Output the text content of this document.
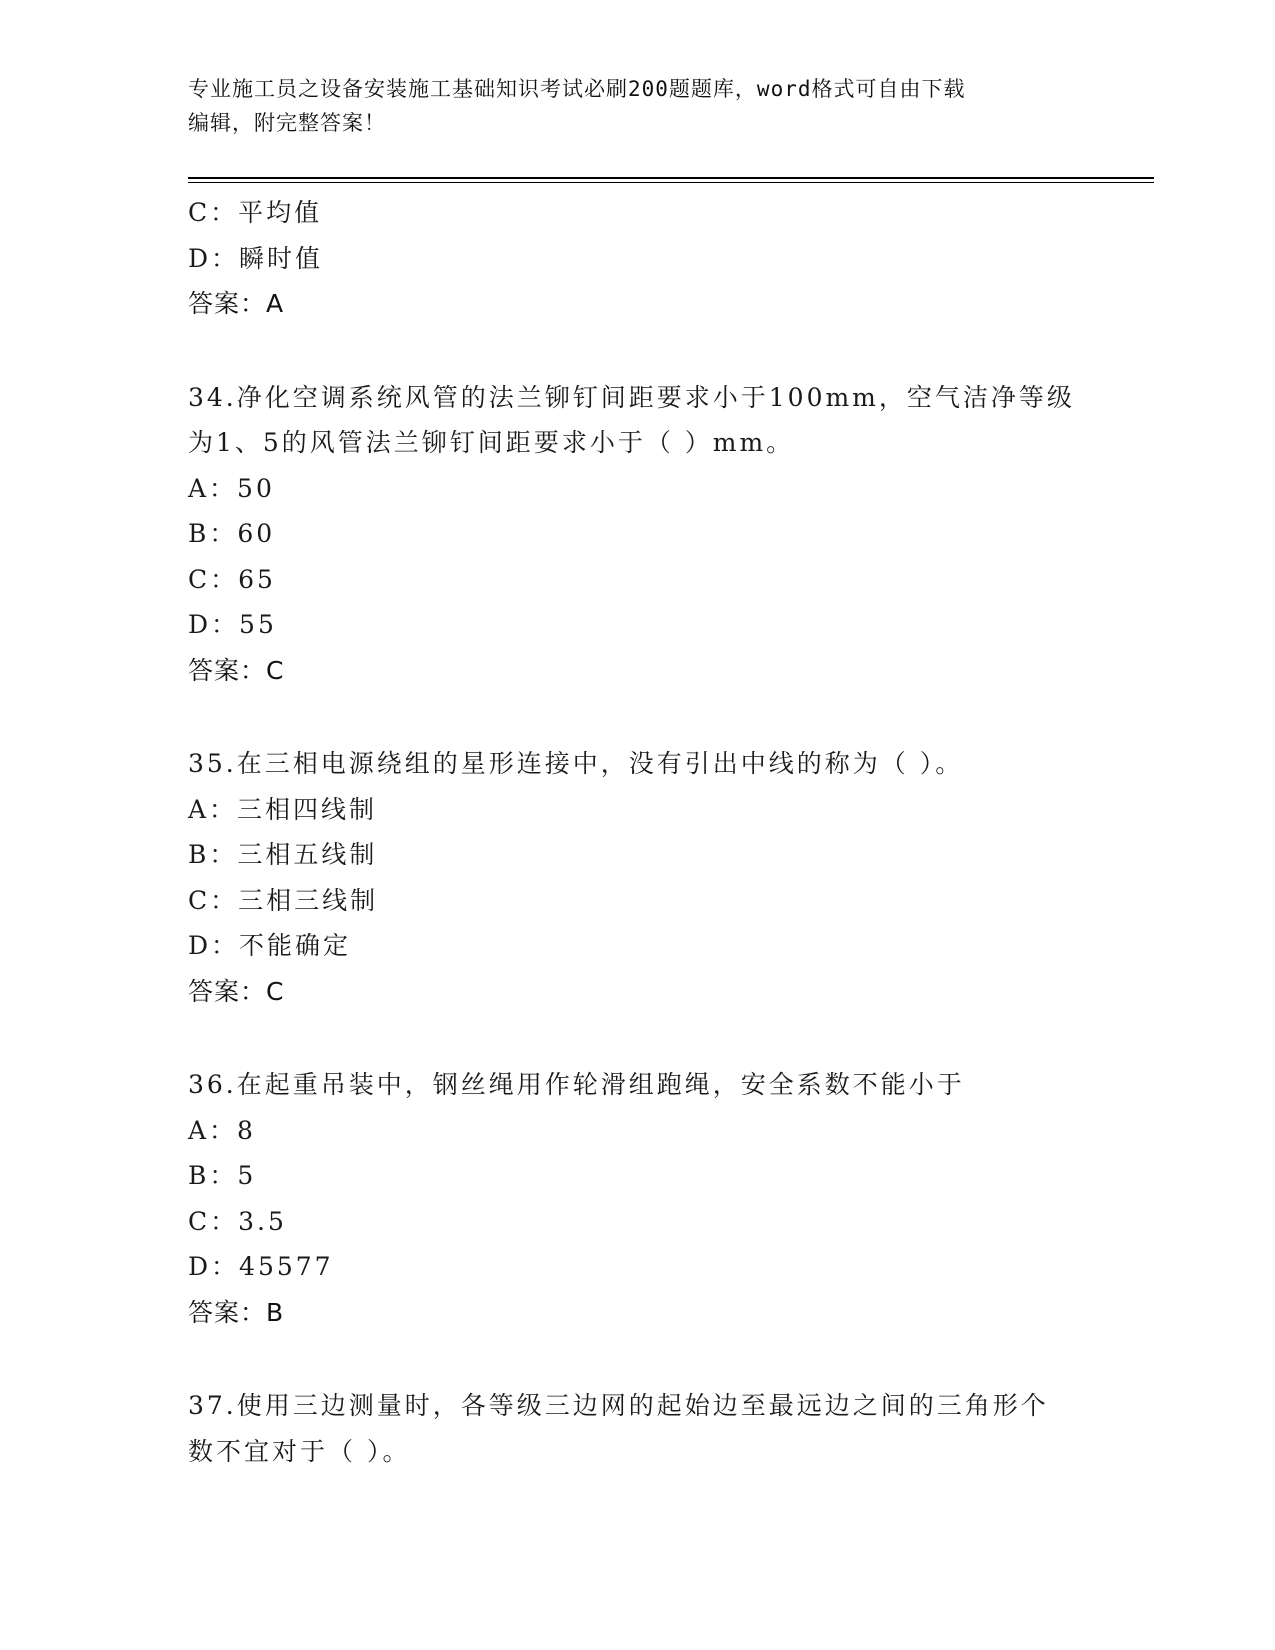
专业施工员之设备安装施工基础知识考试必刷200题题库，word格式可自由下载
编辑，附完整答案！
C：平均值
D：瞬时值
答案：A
34.净化空调系统风管的法兰铆钉间距要求小于100mm，空气洁净等级
为1、5的风管法兰铆钉间距要求小于（ ）mm。
A：50
B：60
C：65
D：55
答案：C
35.在三相电源绕组的星形连接中，没有引出中线的称为（ ）。
A：三相四线制
B：三相五线制
C：三相三线制
D：不能确定
答案：C
36.在起重吊装中，钢丝绳用作轮滑组跑绳，安全系数不能小于
A：8
B：5
C：3.5
D：45577
答案：B
37.使用三边测量时，各等级三边网的起始边至最远边之间的三角形个
数不宜对于（ ）。
